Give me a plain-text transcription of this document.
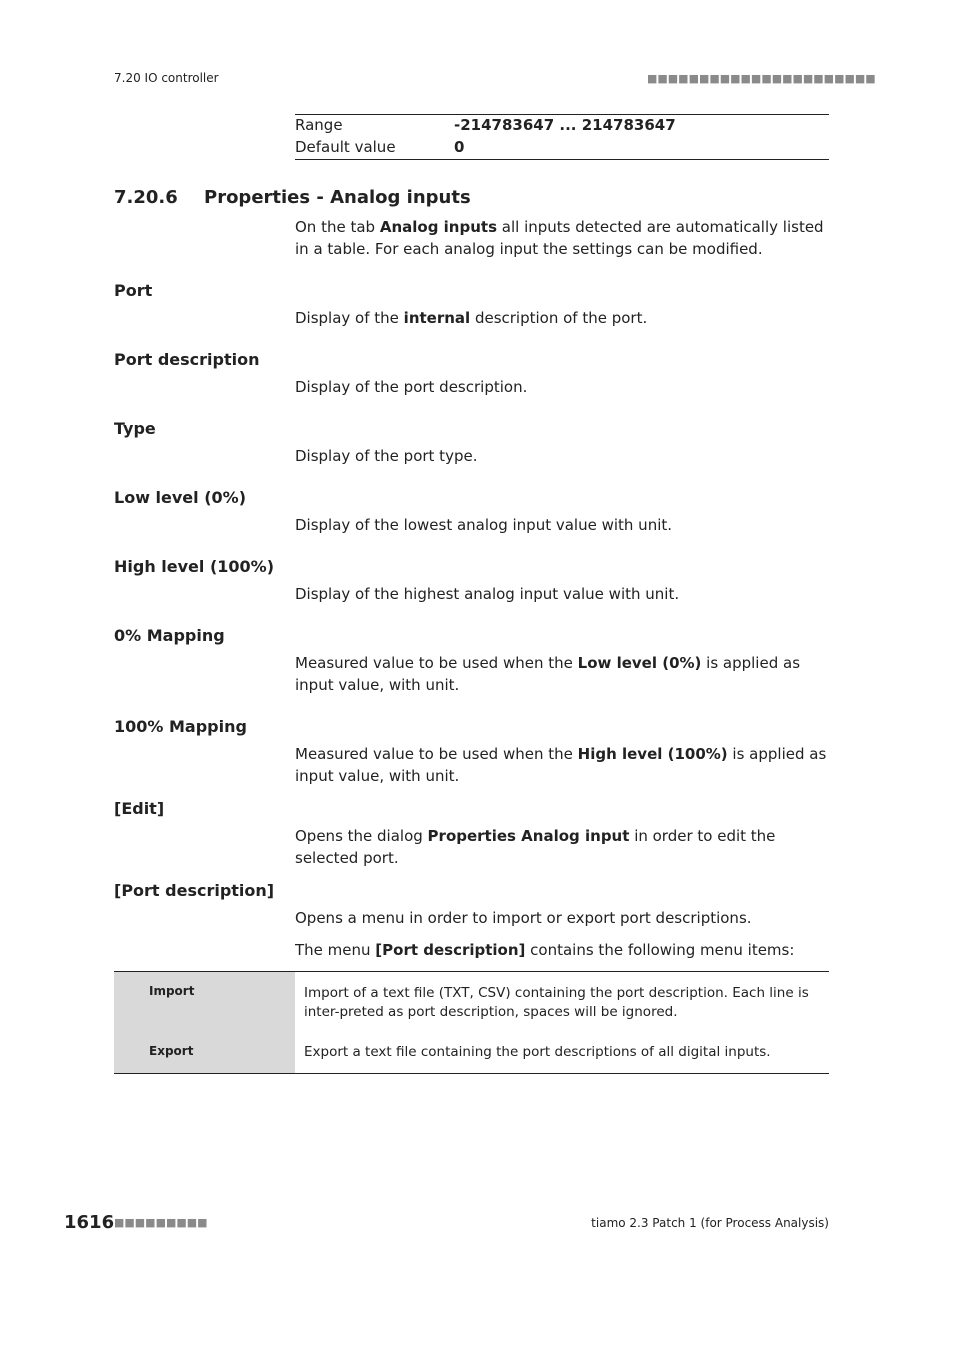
7.20 IO controller	■■■■■■■■■■■■■■■■■■■■■■
Range	-214783647 ... 214783647
Default value	0
7.20.6 Properties - Analog inputs

On the tab Analog inputs all inputs detected are automatically listed in a table. For each analog input the settings can be modified.

Port

Display of the internal description of the port.

Port description

Display of the port description.

Type

Display of the port type.

Low level (0%)

Display of the lowest analog input value with unit.

High level (100%)

Display of the highest analog input value with unit.

0% Mapping

Measured value to be used when the Low level (0%) is applied as input value, with unit.

100% Mapping

Measured value to be used when the High level (100%) is applied as input value, with unit.

[Edit]

Opens the dialog Properties Analog input in order to edit the selected port.

[Port description]

Opens a menu in order to import or export port descriptions.

The menu [Port description] contains the following menu items:

Import	Import of a text file (TXT, CSV) containing the port description. Each line is inter-preted as port description, spaces will be ignored.
Export	Export a text file containing the port descriptions of all digital inputs.
1616 ■■■■■■■■■	tiamo 2.3 Patch 1 (for Process Analysis)
